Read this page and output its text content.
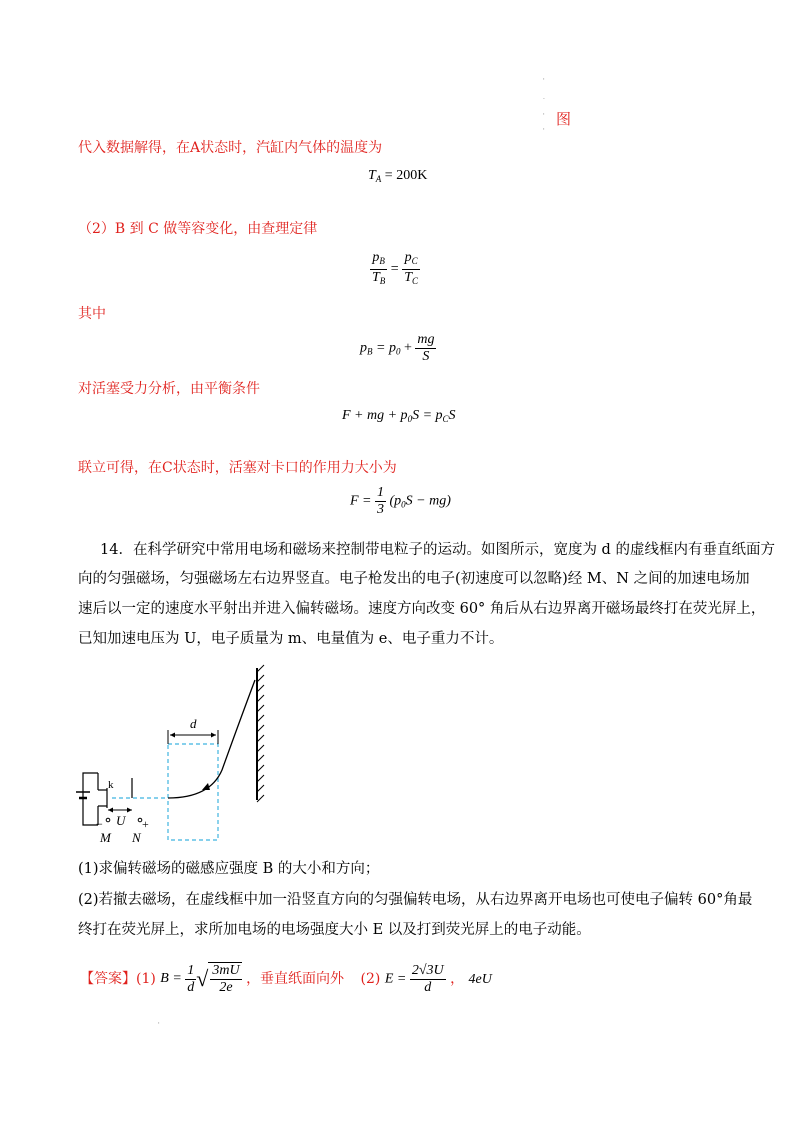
'
·
'
'
图
代入数据解得，在A状态时，汽缸内气体的温度为
$T_A = 200K$
（2）B 到 C 做等容变化，由查理定律
$\frac{p_B}{T_B} = \frac{p_C}{T_C}$
其中
$p_B = p_0 + \frac{mg}{S}$
对活塞受力分析，由平衡条件
F + mg + $p_0S = p_CS$
联立可得，在C状态时，活塞对卡口的作用力大小为
$F = \frac{1}{3} (p_0S - mg)$
14．在科学研究中常用电场和磁场来控制带电粒子的运动。如图所示，宽度为 d 的虚线框内有垂直纸面方
向的匀强磁场，匀强磁场左右边界竖直。电子枪发出的电子(初速度可以忽略)经 M、N 之间的加速电场加
速后以一定的速度水平射出并进入偏转磁场。速度方向改变 60° 角后从右边界离开磁场最终打在荧光屏上，
已知加速电压为 U，电子质量为 m、电量值为 e、电子重力不计。
d
k
U
−	+
M N
(1)求偏转磁场的磁感应强度 B 的大小和方向；
(2)若撤去磁场，在虚线框中加一沿竖直方向的匀强偏转电场，从右边界离开电场也可使电子偏转 60°角最
终打在荧光屏上，求所加电场的电场强度大小 E 以及打到荧光屏上的电子动能。
【答案】(1) $B = \frac{1}{d}$ √ $\frac{3mU}{2e}$ ，垂直纸面向外 (2) $E = \frac{2√3U}{d}$ ， 4eU
'
